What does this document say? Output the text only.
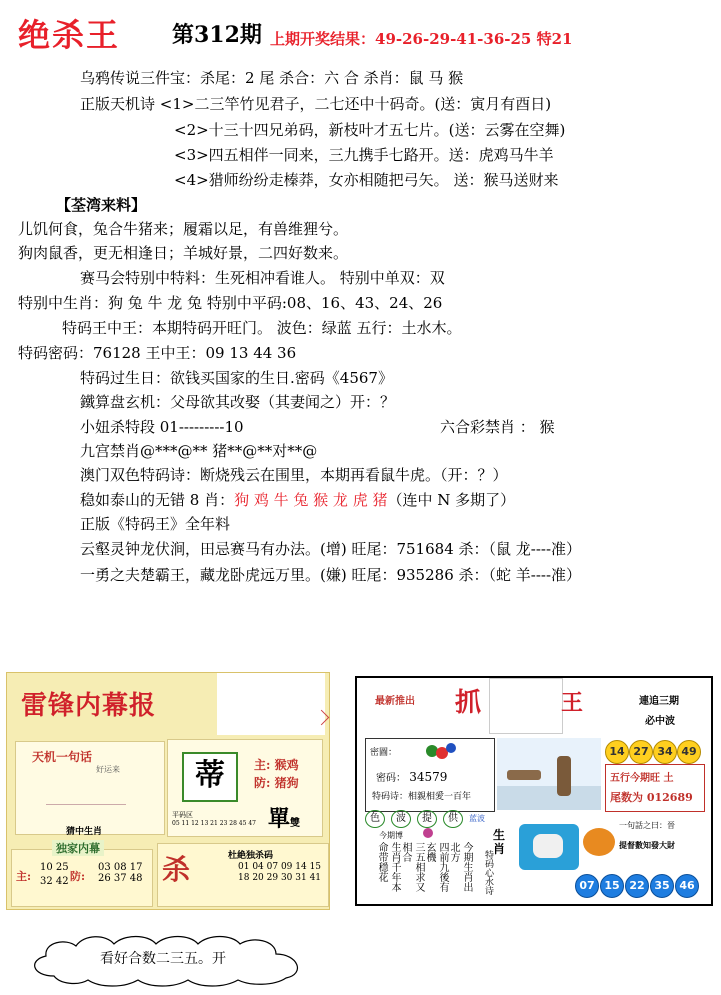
绝杀王 第312期 上期开奖结果：49-26-29-41-36-25 特21
乌鸦传说三件宝：杀尾：2 尾 杀合：六 合 杀肖：鼠 马 猴
正版天机诗 <1>二三竿竹见君子，二七还中十码奇。(送：寅月有酉日)
<2>十三十四兄弟码，新枝叶才五七片。(送：云雾在空舞)
<3>四五相伴一同来，三九携手七路开。送：虎鸡马牛羊
<4>猎师纷纷走榛莽，女亦相随把弓矢。 送：猴马送财来
【荃湾来料】
儿饥何食，兔合牛猪来；履霜以足，有兽维狸兮。
狗肉鼠香，更无相逢日；羊城好景，二四好数来。
赛马会特别中特料：生死相冲看谁人。 特别中单双：双
特别中生肖：狗 兔 牛 龙 兔 特别中平码:08、16、43、24、26
特码王中王：本期特码开旺门。 波色：绿蓝 五行：土水木。
特码密码：76128 王中王：09 13 44 36
特码过生日：欲钱买国家的生日.密码《4567》
鐵算盘玄机：父母欲其改娶（其妻闻之）开：？
小妞杀特段 01---------10	六合彩禁肖 ： 猴
九宫禁肖@***@** 猪**@**对**@
澳门双色特码诗：断烧残云在围里，本期再看鼠牛虎。（开：？）
稳如泰山的无错 8 肖：狗 鸡 牛 兔 猴 龙 虎 猪（连中 N 多期了）
正版《特码王》全年料
云壑灵钟龙伏涧，田忌赛马有办法。(增) 旺尾：751684 杀：（鼠 龙----准）
一勇之夫楚霸王，藏龙卧虎远万里。(嫌) 旺尾：935286 杀：（蛇 羊----准）
雷锋内幕报
天机一句话
好运来
猜中生肖
蒂	主: 猴鸡
防: 猪狗
平码区
05 11 12 13 21 23 28 45 47 單雙
独家内幕
主:
10 25
32 42 防:
03 08 17 26 37 48 杀	杜絶独杀码
01 04 07 09 14 15 18 20 29 30 31 41
最新推出 抓	王	連追三期
必中波
密圖：
密码： 34579
特码诗：相親相愛一百年
14 27 34 49
五行今期旺 土
尾数为 012689
色	波	提	供	蓝波
今期博
生肖千年本命带穩花	三五相求又相合	四前九後有玄機	今期生肖出北方
生肖
特码心水诗
一句話之曰：晉
提督數知發大財
07 15 22 35 46
看好合数二三五。开
